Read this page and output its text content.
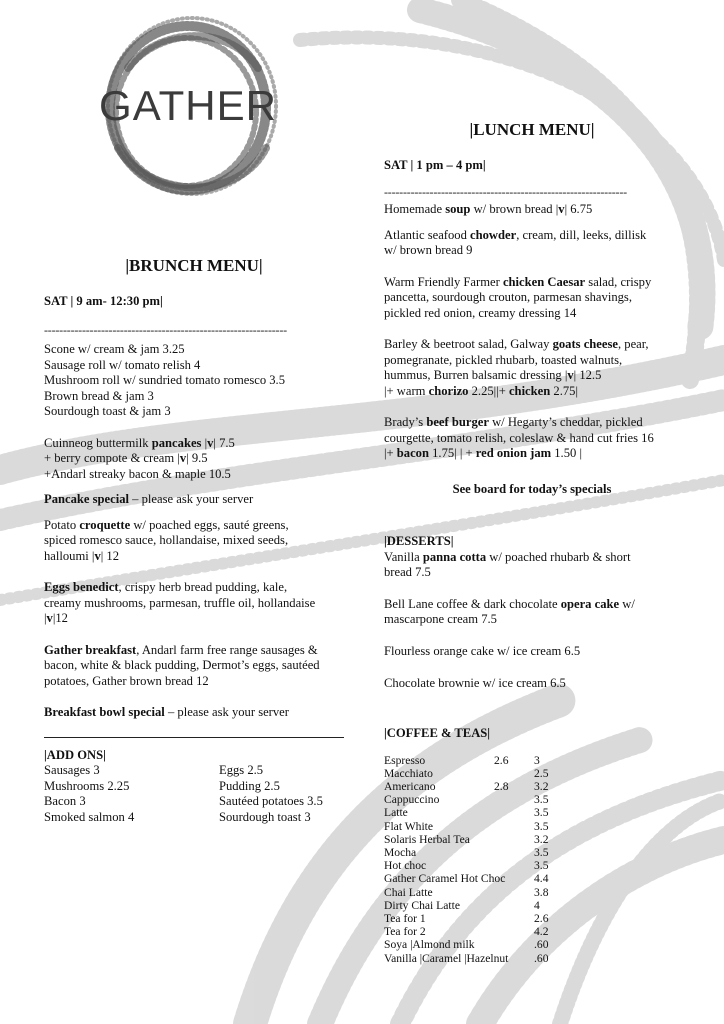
GATHER
|BRUNCH MENU|

SAT | 9 am- 12:30 pm|

----------------------------------------------------------------

Scone w/ cream & jam 3.25

Sausage roll w/ tomato relish 4

Mushroom roll w/ sundried tomato romesco 3.5

Brown bread & jam 3

Sourdough toast & jam 3

Cuinneog buttermilk pancakes |v| 7.5

+ berry compote & cream |v| 9.5

+Andarl streaky bacon & maple 10.5

Pancake special – please ask your server

Potato croquette w/ poached eggs, sauté greens,

spiced romesco sauce, hollandaise, mixed seeds,

halloumi |v| 12

Eggs benedict, crispy herb bread pudding, kale,

creamy mushrooms, parmesan, truffle oil, hollandaise

|v|12

Gather breakfast, Andarl farm free range sausages &

bacon, white & black pudding, Dermot’s eggs, sautéed

potatoes, Gather brown bread 12

Breakfast bowl special – please ask your server

|ADD ONS|

Sausages 3	Eggs 2.5

Mushrooms 2.25	Pudding 2.5

Bacon 3	Sautéed potatoes 3.5

Smoked salmon 4	Sourdough toast 3

|LUNCH MENU|

SAT | 1 pm – 4 pm|

----------------------------------------------------------------

Homemade soup w/ brown bread |v| 6.75

Atlantic seafood chowder, cream, dill, leeks, dillisk

w/ brown bread 9

Warm Friendly Farmer chicken Caesar salad, crispy

pancetta, sourdough crouton, parmesan shavings,

pickled red onion, creamy dressing 14

Barley & beetroot salad, Galway goats cheese, pear,

pomegranate, pickled rhubarb, toasted walnuts,

hummus, Burren balsamic dressing |v| 12.5

|+ warm chorizo 2.25||+ chicken 2.75|

Brady’s beef burger w/ Hegarty’s cheddar, pickled

courgette, tomato relish, coleslaw & hand cut fries 16

|+ bacon 1.75| | + red onion jam 1.50 |

See board for today’s specials

|DESSERTS|

Vanilla panna cotta w/ poached rhubarb & short

bread 7.5

Bell Lane coffee & dark chocolate opera cake w/

mascarpone cream 7.5

Flourless orange cake w/ ice cream 6.5

Chocolate brownie w/ ice cream 6.5

|COFFEE & TEAS|

Espresso	2.6	3
Macchiato	2.5
Americano	2.8	3.2
Cappuccino	3.5
Latte	3.5
Flat White	3.5
Solaris Herbal Tea	3.2
Mocha	3.5
Hot choc	3.5
Gather Caramel Hot Choc 4.4
Chai Latte	3.8
Dirty Chai Latte	4
Tea for 1	2.6
Tea for 2	4.2
Soya |Almond milk	.60
Vanilla |Caramel |Hazelnut .60
